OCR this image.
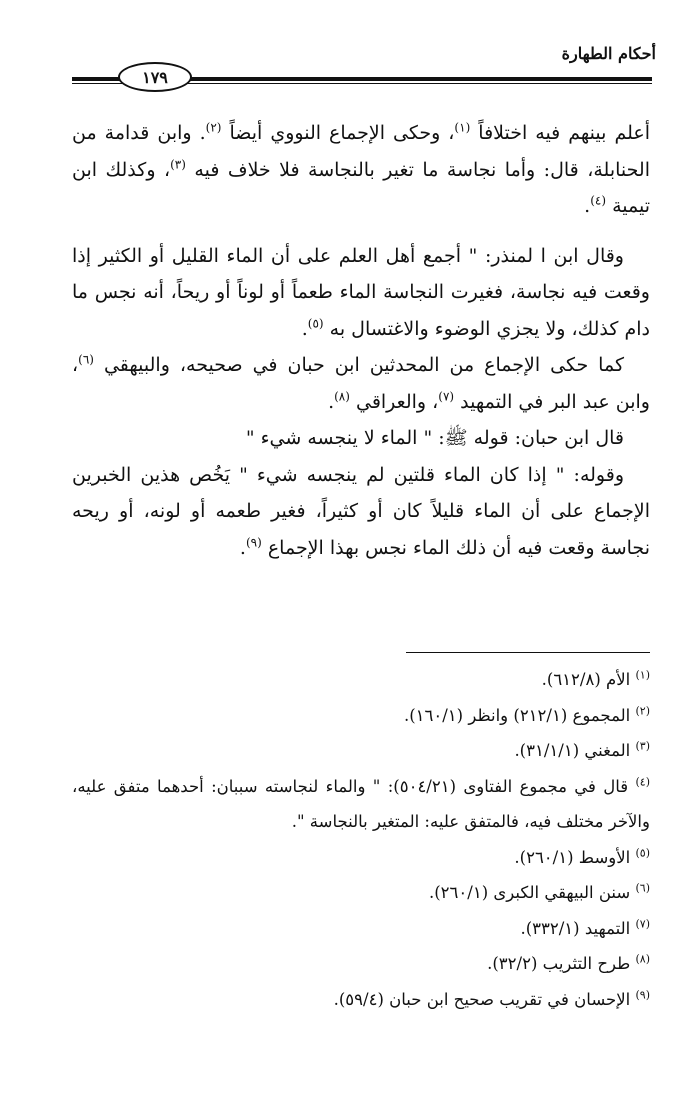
أحكام الطهارة
١٧٩

أعلم بينهم فيه اختلافاً $^{(١)}$، وحكى الإجماع النووي أيضاً $^{(٢)}$. وابن قدامة من الحنابلة، قال: وأما نجاسة ما تغير بالنجاسة فلا خلاف فيه $^{(٣)}$، وكذلك ابن تيمية $^{(٤)}$.

وقال ابن ا لمنذر: " أجمع أهل العلم على أن الماء القليل أو الكثير إذا وقعت فيه نجاسة، فغيرت النجاسة الماء طعماً أو لوناً أو ريحاً، أنه نجس ما دام كذلك، ولا يجزي الوضوء والاغتسال به $^{(٥)}$.

كما حكى الإجماع من المحدثين ابن حبان في صحيحه، والبيهقي $^{(٦)}$، وابن عبد البر في التمهيد $^{(٧)}$، والعراقي $^{(٨)}$.

قال ابن حبان: قوله ﷺ: " الماء لا ينجسه شيء "

وقوله: " إذا كان الماء قلتين لم ينجسه شيء " يَخُص هذين الخبرين الإجماع على أن الماء قليلاً كان أو كثيراً، فغير طعمه أو لونه، أو ريحه نجاسة وقعت فيه أن ذلك الماء نجس بهذا الإجماع $^{(٩)}$.

$^{(١)}$ الأم (٦١٢/٨).

$^{(٢)}$ المجموع (٢١٢/١) وانظر (١٦٠/١).

$^{(٣)}$ المغني (٣١/١/١).

$^{(٤)}$ قال في مجموع الفتاوى (٥٠٤/٢١): " والماء لنجاسته سببان: أحدهما متفق عليه، والآخر مختلف فيه، فالمتفق عليه: المتغير بالنجاسة ".

$^{(٥)}$ الأوسط (٢٦٠/١).

$^{(٦)}$ سنن البيهقي الكبرى (٢٦٠/١).

$^{(٧)}$ التمهيد (٣٣٢/١).

$^{(٨)}$ طرح التثريب (٣٢/٢).

$^{(٩)}$ الإحسان في تقريب صحيح ابن حبان (٥٩/٤).
